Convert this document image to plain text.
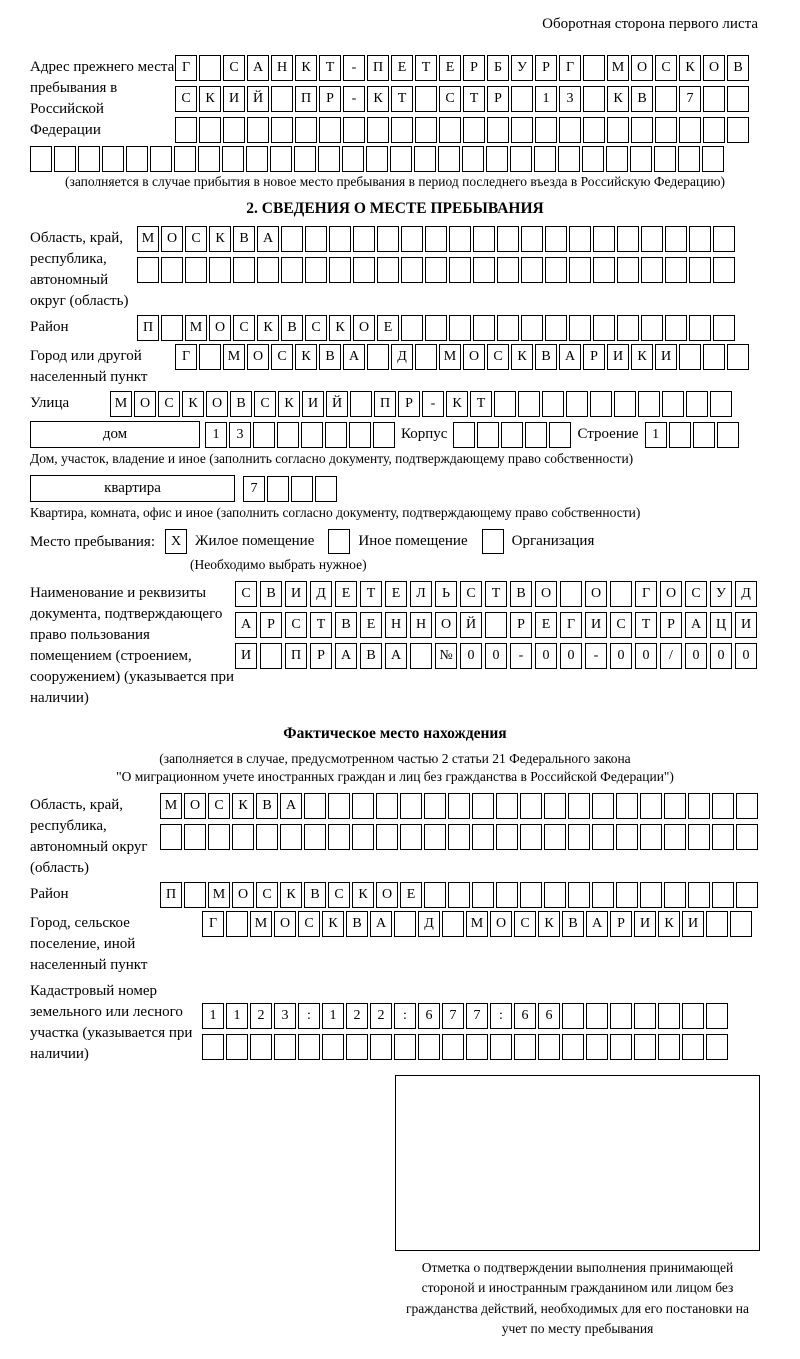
Оборотная сторона первого листа
Адрес прежнего места пребывания в Российской Федерации
Г	С	А Н	К	Т	-	П	Е	Т	Е	Р	Б	У	Р	Г	М О	С	К	О	В
С	К	И Й	П	Р	-	К	Т	С	Т	Р	1	3	К	В	7
(заполняется в случае прибытия в новое место пребывания в период последнего въезда в Российскую Федерацию)
2. СВЕДЕНИЯ О МЕСТЕ ПРЕБЫВАНИЯ
Область, край, республика, автономный округ (область)
М О	С	К	В	А
Район	П	М О	С	К	В	С	К	О	Е
Город или другой населенный пункт
Г	М О	С	К	В	А	Д	М О	С	К	В	А	Р	И	К	И
Улица	М О	С	К	О	В	С	К	И Й	П	Р	-	К	Т
дом	1	3	Корпус	Строение 1
Дом, участок, владение и иное (заполнить согласно документу, подтверждающему право собственности)
квартира	7
Квартира, комната, офис и иное (заполнить согласно документу, подтверждающему право собственности)
Место пребывания:	X Жилое помещение	Иное помещение	Организация
(Необходимо выбрать нужное)
Наименование и реквизиты документа, подтверждающего право пользования помещением (строением, сооружением) (указывается при наличии)
С	В	И	Д	Е	Т	Е	Л	Ь	С	Т	В	О	О	Г	О	С	У	Д
А	Р	С	Т	В	Е	Н	Н	О	Й	Р	Е	Г	И	С	Т	Р	А	Ц	И
И	П	Р	А	В	А	№	0	0	-	0	0	-	0	0	/	0	0	0
Фактическое место нахождения
(заполняется в случае, предусмотренном частью 2 статьи 21 Федерального закона
"О миграционном учете иностранных граждан и лиц без гражданства в Российской Федерации")
Область, край, республика, автономный округ (область)
М О	С	К	В	А
Район	П	М О	С	К	В	С	К	О	Е
Город, сельское поселение, иной населенный пункт
Г	М О	С	К	В	А	Д	М О	С	К	В	А	Р	И	К	И
Кадастровый номер земельного или лесного участка (указывается при наличии)
1	1	2	3	:	1	2	2	:	6	7	7	:	6	6
Отметка о подтверждении выполнения принимающей стороной и иностранным гражданином или лицом без гражданства действий, необходимых для его постановки на учет по месту пребывания
